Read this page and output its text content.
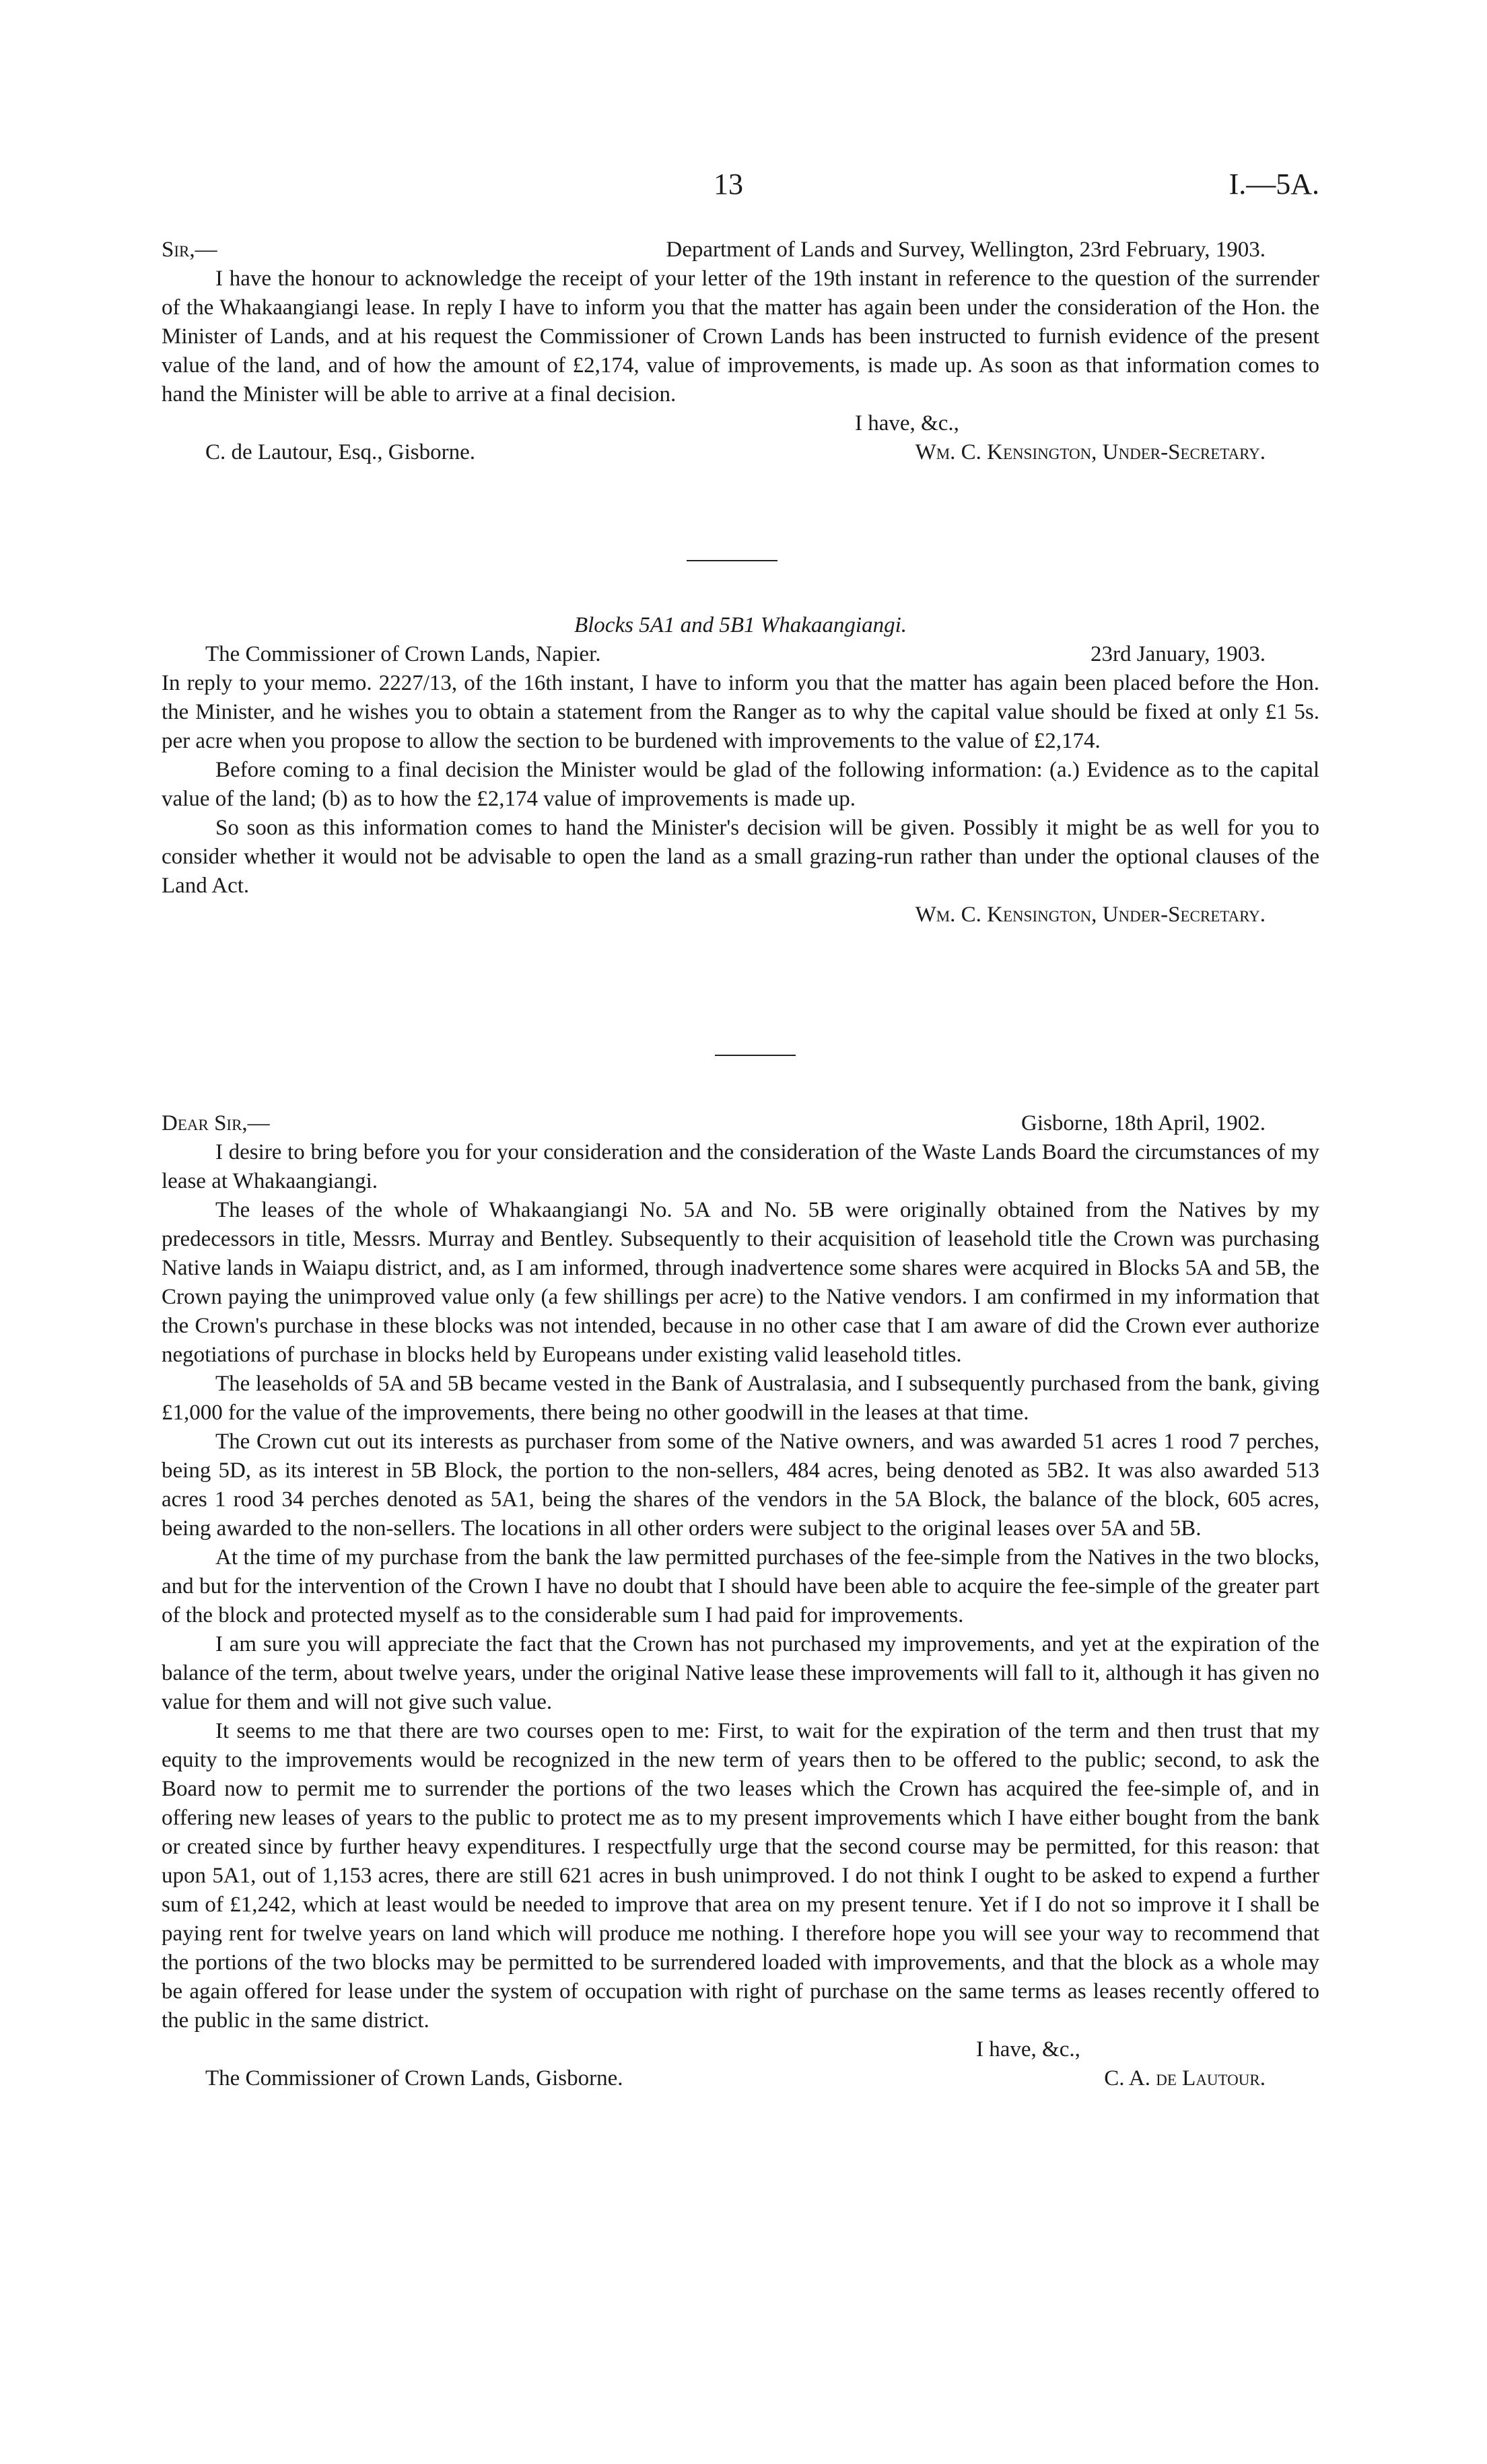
13	I.—5A.
Sir,—	Department of Lands and Survey, Wellington, 23rd February, 1903.

I have the honour to acknowledge the receipt of your letter of the 19th instant in reference to the question of the surrender of the Whakaangiangi lease. In reply I have to inform you that the matter has again been under the consideration of the Hon. the Minister of Lands, and at his request the Commissioner of Crown Lands has been instructed to furnish evidence of the present value of the land, and of how the amount of £2,174, value of improvements, is made up. As soon as that information comes to hand the Minister will be able to arrive at a final decision.

I have, &c.,
C. de Lautour, Esq., Gisborne.	Wm. C. Kensington, Under-Secretary.
Blocks 5A1 and 5B1 Whakaangiangi.
The Commissioner of Crown Lands, Napier.	23rd January, 1903.

In reply to your memo. 2227/13, of the 16th instant, I have to inform you that the matter has again been placed before the Hon. the Minister, and he wishes you to obtain a statement from the Ranger as to why the capital value should be fixed at only £1 5s. per acre when you propose to allow the section to be burdened with improvements to the value of £2,174.

Before coming to a final decision the Minister would be glad of the following information: (a.) Evidence as to the capital value of the land; (b) as to how the £2,174 value of improvements is made up.

So soon as this information comes to hand the Minister's decision will be given. Possibly it might be as well for you to consider whether it would not be advisable to open the land as a small grazing-run rather than under the optional clauses of the Land Act.

Wm. C. Kensington, Under-Secretary.
Dear Sir,—	Gisborne, 18th April, 1902.

I desire to bring before you for your consideration and the consideration of the Waste Lands Board the circumstances of my lease at Whakaangiangi.

The leases of the whole of Whakaangiangi No. 5A and No. 5B were originally obtained from the Natives by my predecessors in title, Messrs. Murray and Bentley. Subsequently to their acquisition of leasehold title the Crown was purchasing Native lands in Waiapu district, and, as I am informed, through inadvertence some shares were acquired in Blocks 5A and 5B, the Crown paying the unimproved value only (a few shillings per acre) to the Native vendors. I am confirmed in my information that the Crown's purchase in these blocks was not intended, because in no other case that I am aware of did the Crown ever authorize negotiations of purchase in blocks held by Europeans under existing valid leasehold titles.

The leaseholds of 5A and 5B became vested in the Bank of Australasia, and I subsequently purchased from the bank, giving £1,000 for the value of the improvements, there being no other goodwill in the leases at that time.

The Crown cut out its interests as purchaser from some of the Native owners, and was awarded 51 acres 1 rood 7 perches, being 5D, as its interest in 5B Block, the portion to the non-sellers, 484 acres, being denoted as 5B2. It was also awarded 513 acres 1 rood 34 perches denoted as 5A1, being the shares of the vendors in the 5A Block, the balance of the block, 605 acres, being awarded to the non-sellers. The locations in all other orders were subject to the original leases over 5A and 5B.

At the time of my purchase from the bank the law permitted purchases of the fee-simple from the Natives in the two blocks, and but for the intervention of the Crown I have no doubt that I should have been able to acquire the fee-simple of the greater part of the block and protected myself as to the considerable sum I had paid for improvements.

I am sure you will appreciate the fact that the Crown has not purchased my improvements, and yet at the expiration of the balance of the term, about twelve years, under the original Native lease these improvements will fall to it, although it has given no value for them and will not give such value.

It seems to me that there are two courses open to me: First, to wait for the expiration of the term and then trust that my equity to the improvements would be recognized in the new term of years then to be offered to the public; second, to ask the Board now to permit me to surrender the portions of the two leases which the Crown has acquired the fee-simple of, and in offering new leases of years to the public to protect me as to my present improvements which I have either bought from the bank or created since by further heavy expenditures. I respectfully urge that the second course may be permitted, for this reason: that upon 5A1, out of 1,153 acres, there are still 621 acres in bush unimproved. I do not think I ought to be asked to expend a further sum of £1,242, which at least would be needed to improve that area on my present tenure. Yet if I do not so improve it I shall be paying rent for twelve years on land which will produce me nothing. I therefore hope you will see your way to recommend that the portions of the two blocks may be permitted to be surrendered loaded with improvements, and that the block as a whole may be again offered for lease under the system of occupation with right of purchase on the same terms as leases recently offered to the public in the same district.

I have, &c.,
The Commissioner of Crown Lands, Gisborne.	C. A. de Lautour.
